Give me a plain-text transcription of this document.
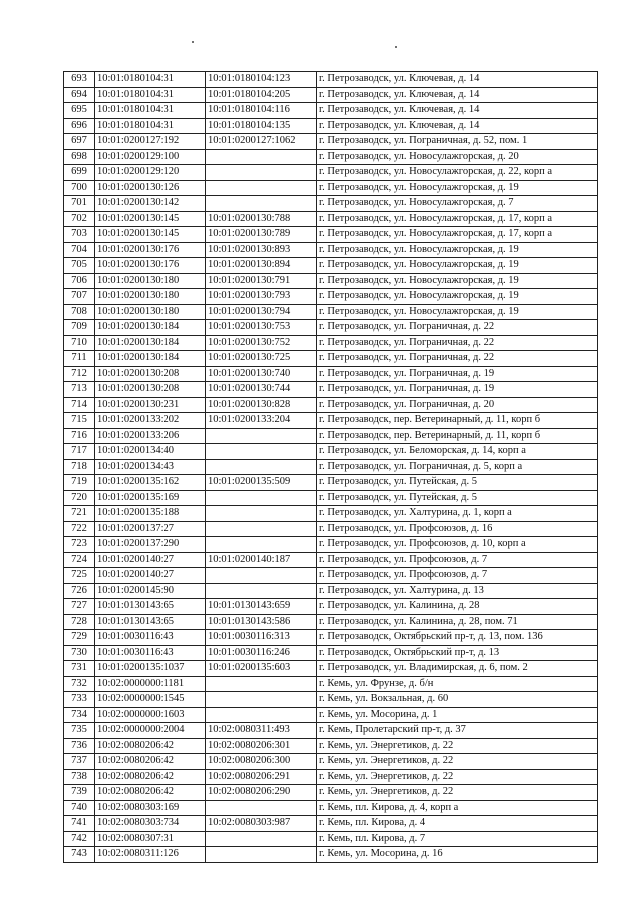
693	10:01:0180104:31	10:01:0180104:123	г. Петрозаводск, ул. Ключевая, д. 14
694	10:01:0180104:31	10:01:0180104:205	г. Петрозаводск, ул. Ключевая, д. 14
695	10:01:0180104:31	10:01:0180104:116	г. Петрозаводск, ул. Ключевая, д. 14
696	10:01:0180104:31	10:01:0180104:135	г. Петрозаводск, ул. Ключевая, д. 14
697	10:01:0200127:192	10:01:0200127:1062	г. Петрозаводск, ул. Пограничная, д. 52, пом. 1
698	10:01:0200129:100		г. Петрозаводск, ул. Новосулажгорская, д. 20
699	10:01:0200129:120		г. Петрозаводск, ул. Новосулажгорская, д. 22, корп а
700	10:01:0200130:126		г. Петрозаводск, ул. Новосулажгорская, д. 19
701	10:01:0200130:142		г. Петрозаводск, ул. Новосулажгорская, д. 7
702	10:01:0200130:145	10:01:0200130:788	г. Петрозаводск, ул. Новосулажгорская, д. 17, корп а
703	10:01:0200130:145	10:01:0200130:789	г. Петрозаводск, ул. Новосулажгорская, д. 17, корп а
704	10:01:0200130:176	10:01:0200130:893	г. Петрозаводск, ул. Новосулажгорская, д. 19
705	10:01:0200130:176	10:01:0200130:894	г. Петрозаводск, ул. Новосулажгорская, д. 19
706	10:01:0200130:180	10:01:0200130:791	г. Петрозаводск, ул. Новосулажгорская, д. 19
707	10:01:0200130:180	10:01:0200130:793	г. Петрозаводск, ул. Новосулажгорская, д. 19
708	10:01:0200130:180	10:01:0200130:794	г. Петрозаводск, ул. Новосулажгорская, д. 19
709	10:01:0200130:184	10:01:0200130:753	г. Петрозаводск, ул. Пограничная, д. 22
710	10:01:0200130:184	10:01:0200130:752	г. Петрозаводск, ул. Пограничная, д. 22
711	10:01:0200130:184	10:01:0200130:725	г. Петрозаводск, ул. Пограничная, д. 22
712	10:01:0200130:208	10:01:0200130:740	г. Петрозаводск, ул. Пограничная, д. 19
713	10:01:0200130:208	10:01:0200130:744	г. Петрозаводск, ул. Пограничная, д. 19
714	10:01:0200130:231	10:01:0200130:828	г. Петрозаводск, ул. Пограничная, д. 20
715	10:01:0200133:202	10:01:0200133:204	г. Петрозаводск, пер. Ветеринарный, д. 11, корп б
716	10:01:0200133:206		г. Петрозаводск, пер. Ветеринарный, д. 11, корп б
717	10:01:0200134:40		г. Петрозаводск, ул. Беломорская, д. 14, корп а
718	10:01:0200134:43		г. Петрозаводск, ул. Пограничная, д. 5, корп а
719	10:01:0200135:162	10:01:0200135:509	г. Петрозаводск, ул. Путейская, д. 5
720	10:01:0200135:169		г. Петрозаводск, ул. Путейская, д. 5
721	10:01:0200135:188		г. Петрозаводск, ул. Халтурина, д. 1, корп а
722	10:01:0200137:27		г. Петрозаводск, ул. Профсоюзов, д. 16
723	10:01:0200137:290		г. Петрозаводск, ул. Профсоюзов, д. 10, корп а
724	10:01:0200140:27	10:01:0200140:187	г. Петрозаводск, ул. Профсоюзов, д. 7
725	10:01:0200140:27		г. Петрозаводск, ул. Профсоюзов, д. 7
726	10:01:0200145:90		г. Петрозаводск, ул. Халтурина, д. 13
727	10:01:0130143:65	10:01:0130143:659	г. Петрозаводск, ул. Калинина, д. 28
728	10:01:0130143:65	10:01:0130143:586	г. Петрозаводск, ул. Калинина, д. 28, пом. 71
729	10:01:0030116:43	10:01:0030116:313	г. Петрозаводск, Октябрьский пр-т, д. 13, пом. 136
730	10:01:0030116:43	10:01:0030116:246	г. Петрозаводск, Октябрьский пр-т, д. 13
731	10:01:0200135:1037	10:01:0200135:603	г. Петрозаводск, ул. Владимирская, д. 6, пом. 2
732	10:02:0000000:1181		г. Кемь, ул. Фрунзе, д. б/н
733	10:02:0000000:1545		г. Кемь, ул. Вокзальная, д. 60
734	10:02:0000000:1603		г. Кемь, ул. Мосорина, д. 1
735	10:02:0000000:2004	10:02:0080311:493	г. Кемь, Пролетарский пр-т, д. 37
736	10:02:0080206:42	10:02:0080206:301	г. Кемь, ул. Энергетиков, д. 22
737	10:02:0080206:42	10:02:0080206:300	г. Кемь, ул. Энергетиков, д. 22
738	10:02:0080206:42	10:02:0080206:291	г. Кемь, ул. Энергетиков, д. 22
739	10:02:0080206:42	10:02:0080206:290	г. Кемь, ул. Энергетиков, д. 22
740	10:02:0080303:169		г. Кемь, пл. Кирова, д. 4, корп а
741	10:02:0080303:734	10:02:0080303:987	г. Кемь, пл. Кирова, д. 4
742	10:02:0080307:31		г. Кемь, пл. Кирова, д. 7
743	10:02:0080311:126		г. Кемь, ул. Мосорина, д. 16
